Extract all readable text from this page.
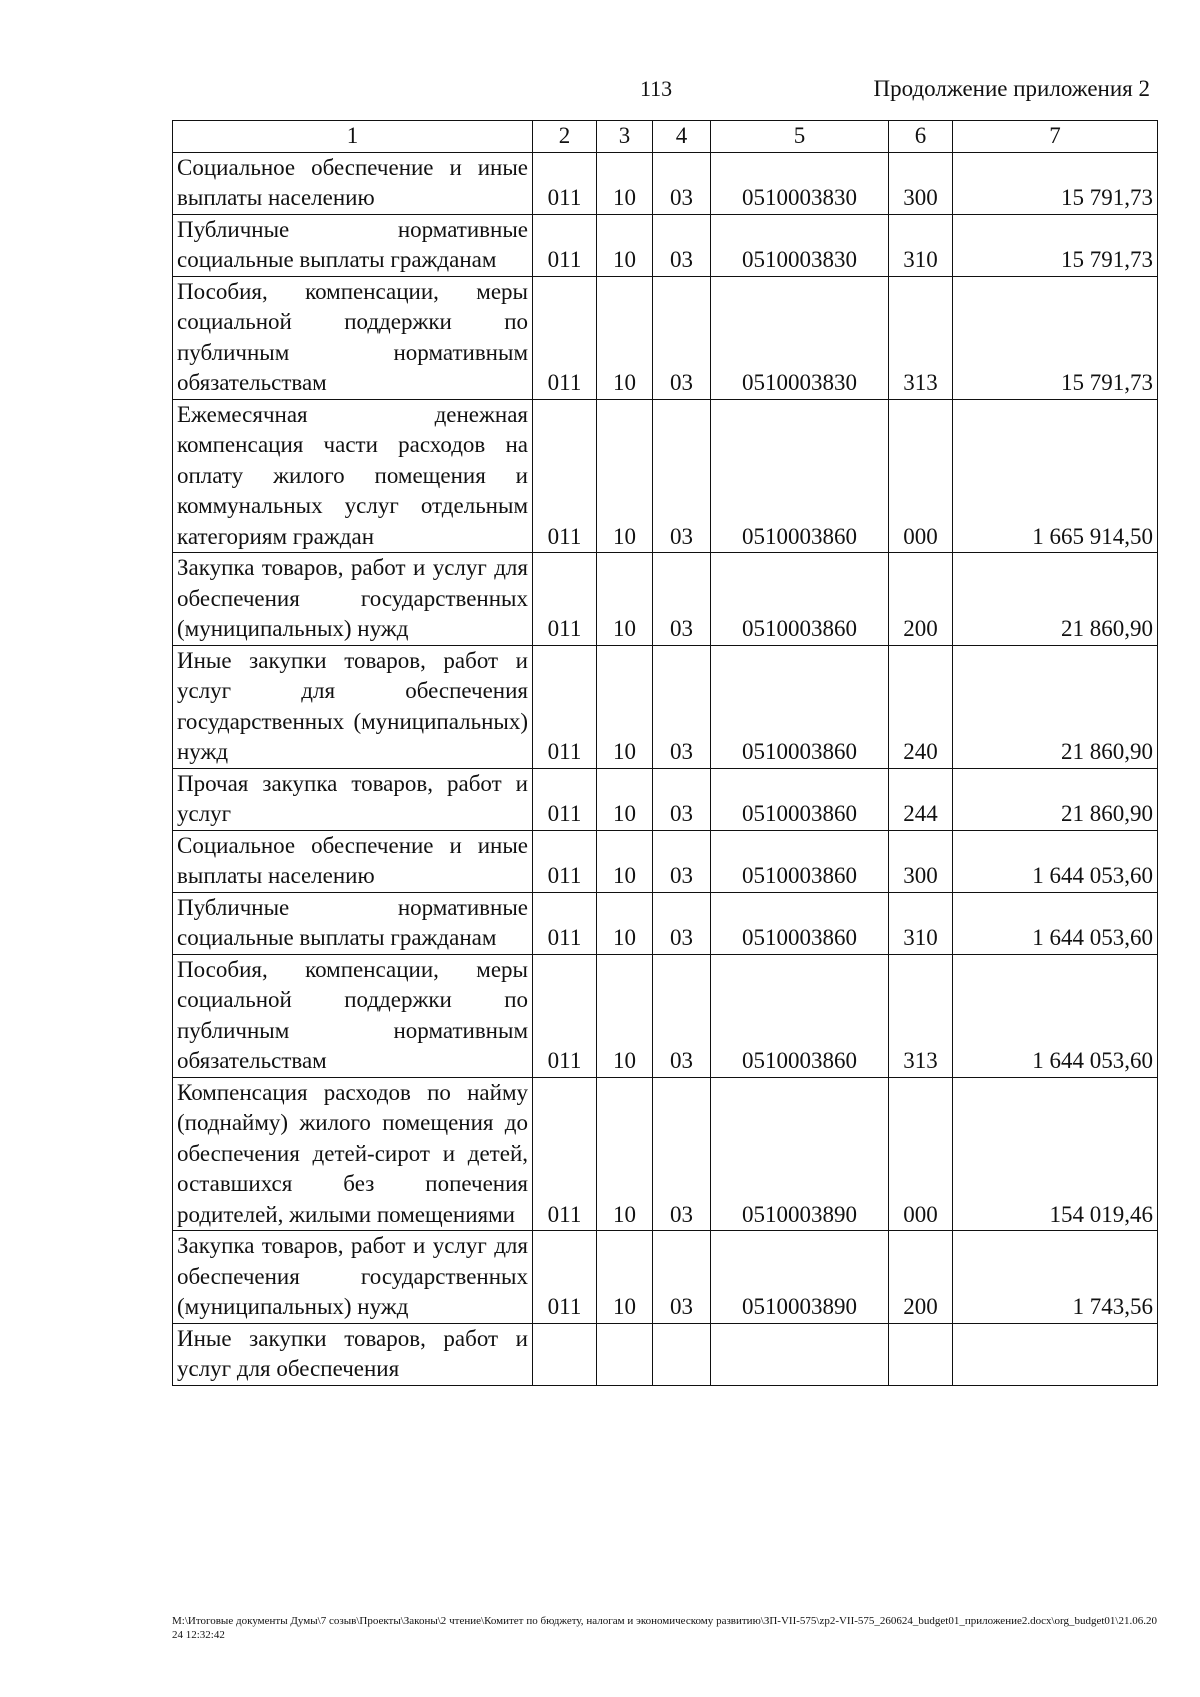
113	Продолжение приложения 2
1	2	3	4	5	6	7
Социальное обеспечение и иные выплаты населению	011	10	03	0510003830	300	15 791,73
Публичные нормативные социальные выплаты гражданам	011	10	03	0510003830	310	15 791,73
Пособия, компенсации, меры социальной поддержки по публичным нормативным обязательствам	011	10	03	0510003830	313	15 791,73
Ежемесячная денежная компенсация части расходов на оплату жилого помещения и коммунальных услуг отдельным категориям граждан	011	10	03	0510003860	000	1 665 914,50
Закупка товаров, работ и услуг для обеспечения государственных (муниципальных) нужд	011	10	03	0510003860	200	21 860,90
Иные закупки товаров, работ и услуг для обеспечения государственных (муниципальных) нужд	011	10	03	0510003860	240	21 860,90
Прочая закупка товаров, работ и услуг	011	10	03	0510003860	244	21 860,90
Социальное обеспечение и иные выплаты населению	011	10	03	0510003860	300	1 644 053,60
Публичные нормативные социальные выплаты гражданам	011	10	03	0510003860	310	1 644 053,60
Пособия, компенсации, меры социальной поддержки по публичным нормативным обязательствам	011	10	03	0510003860	313	1 644 053,60
Компенсация расходов по найму (поднайму) жилого помещения до обеспечения детей-сирот и детей, оставшихся без попечения родителей, жилыми помещениями	011	10	03	0510003890	000	154 019,46
Закупка товаров, работ и услуг для обеспечения государственных (муниципальных) нужд	011	10	03	0510003890	200	1 743,56
Иные закупки товаров, работ и услуг для обеспечения						
M:\Итоговые документы Думы\7 созыв\Проекты\Законы\2 чтение\Комитет по бюджету, налогам и экономическому развитию\ЗП-VII-575\zp2-VII-575_260624_budget01_приложение2.docx\org_budget01\21.06.2024 12:32:42
